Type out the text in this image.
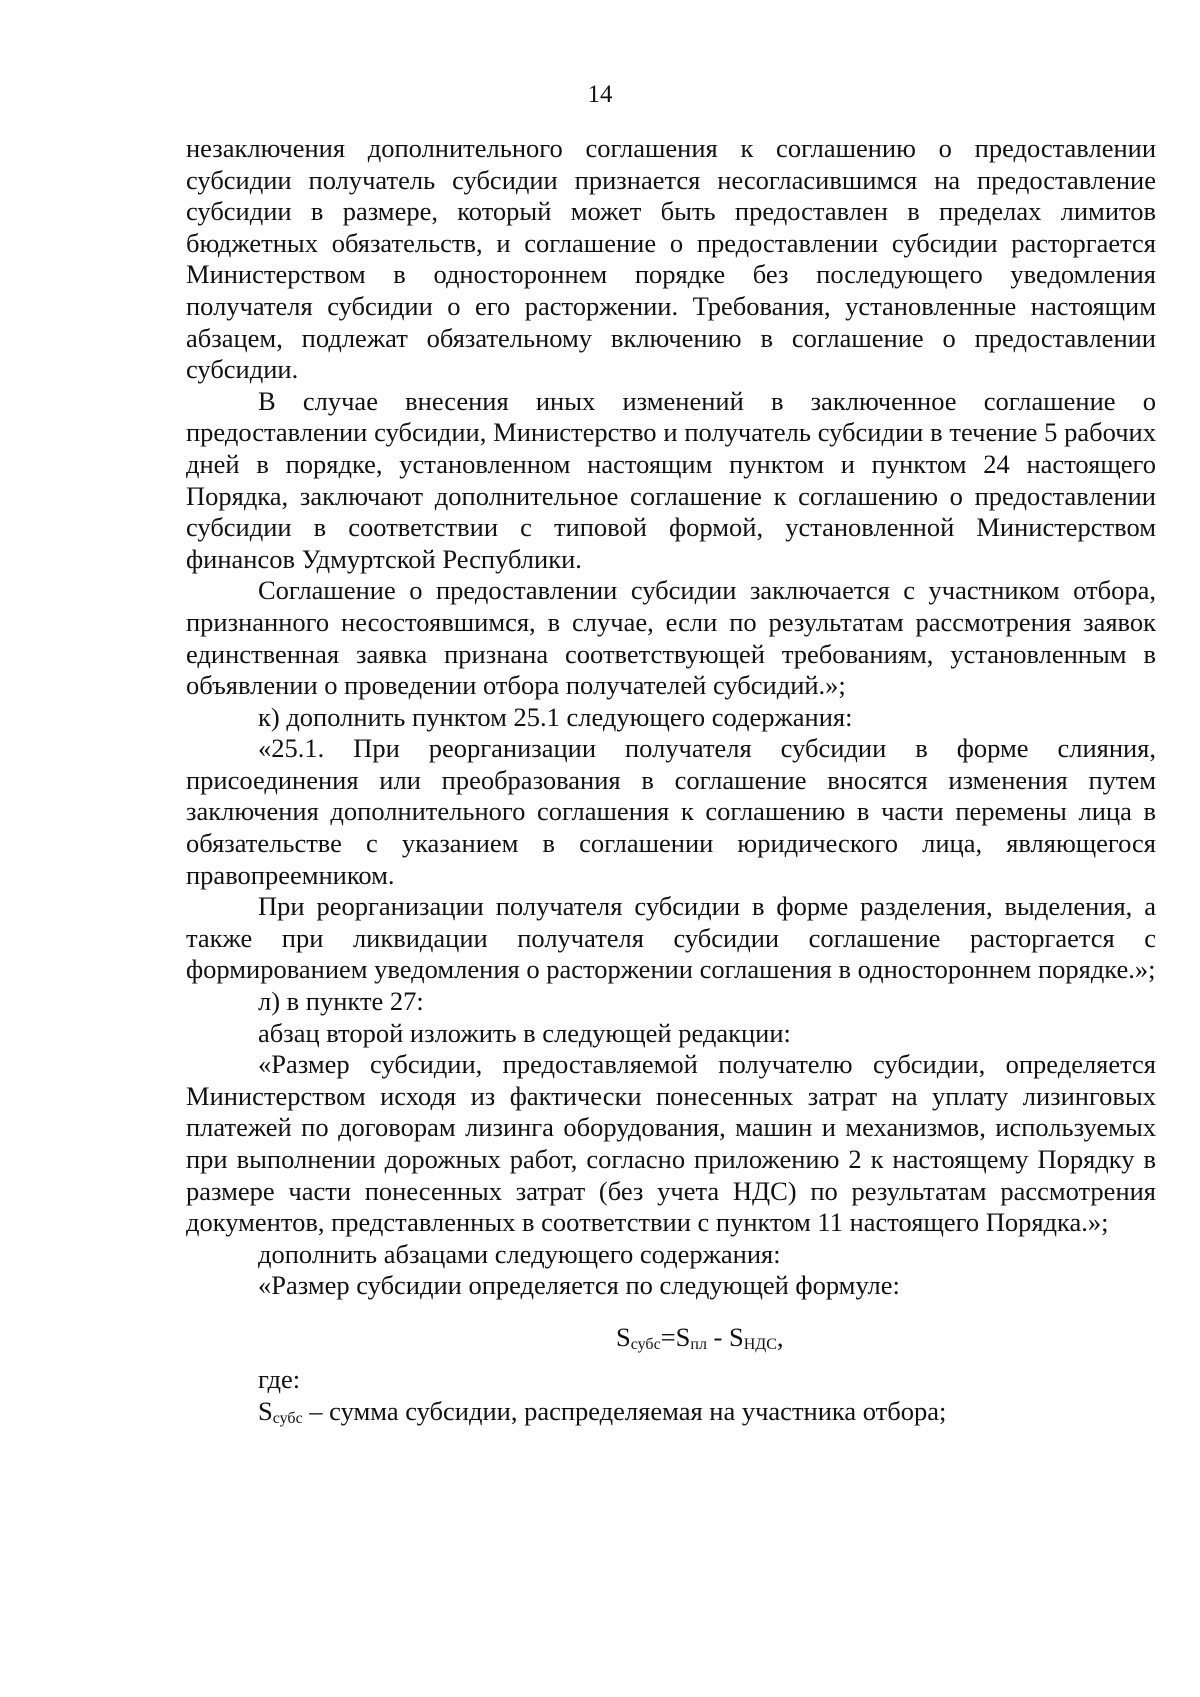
14

незаключения дополнительного соглашения к соглашению о предоставлении субсидии получатель субсидии признается несогласившимся на предоставление субсидии в размере, который может быть предоставлен в пределах лимитов бюджетных обязательств, и соглашение о предоставлении субсидии расторгается Министерством в одностороннем порядке без последующего уведомления получателя субсидии о его расторжении. Требования, установленные настоящим абзацем, подлежат обязательному включению в соглашение о предоставлении субсидии.

В случае внесения иных изменений в заключенное соглашение о предоставлении субсидии, Министерство и получатель субсидии в течение 5 рабочих дней в порядке, установленном настоящим пунктом и пунктом 24 настоящего Порядка, заключают дополнительное соглашение к соглашению о предоставлении субсидии в соответствии с типовой формой, установленной Министерством финансов Удмуртской Республики.

Соглашение о предоставлении субсидии заключается с участником отбора, признанного несостоявшимся, в случае, если по результатам рассмотрения заявок единственная заявка признана соответствующей требованиям, установленным в объявлении о проведении отбора получателей субсидий.»;

к) дополнить пунктом 25.1 следующего содержания:

«25.1. При реорганизации получателя субсидии в форме слияния, присоединения или преобразования в соглашение вносятся изменения путем заключения дополнительного соглашения к соглашению в части перемены лица в обязательстве с указанием в соглашении юридического лица, являющегося правопреемником.

При реорганизации получателя субсидии в форме разделения, выделения, а также при ликвидации получателя субсидии соглашение расторгается с формированием уведомления о расторжении соглашения в одностороннем порядке.»;

л) в пункте 27:

абзац второй изложить в следующей редакции:

«Размер субсидии, предоставляемой получателю субсидии, определяется Министерством исходя из фактически понесенных затрат на уплату лизинговых платежей по договорам лизинга оборудования, машин и механизмов, используемых при выполнении дорожных работ, согласно приложению 2 к настоящему Порядку в размере части понесенных затрат (без учета НДС) по результатам рассмотрения документов, представленных в соответствии с пунктом 11 настоящего Порядка.»;

дополнить абзацами следующего содержания:

«Размер субсидии определяется по следующей формуле:

$S_{субс}=S_{пл} - S_{НДС}$,

где:

$S_{субс}$ – сумма субсидии, распределяемая на участника отбора;
